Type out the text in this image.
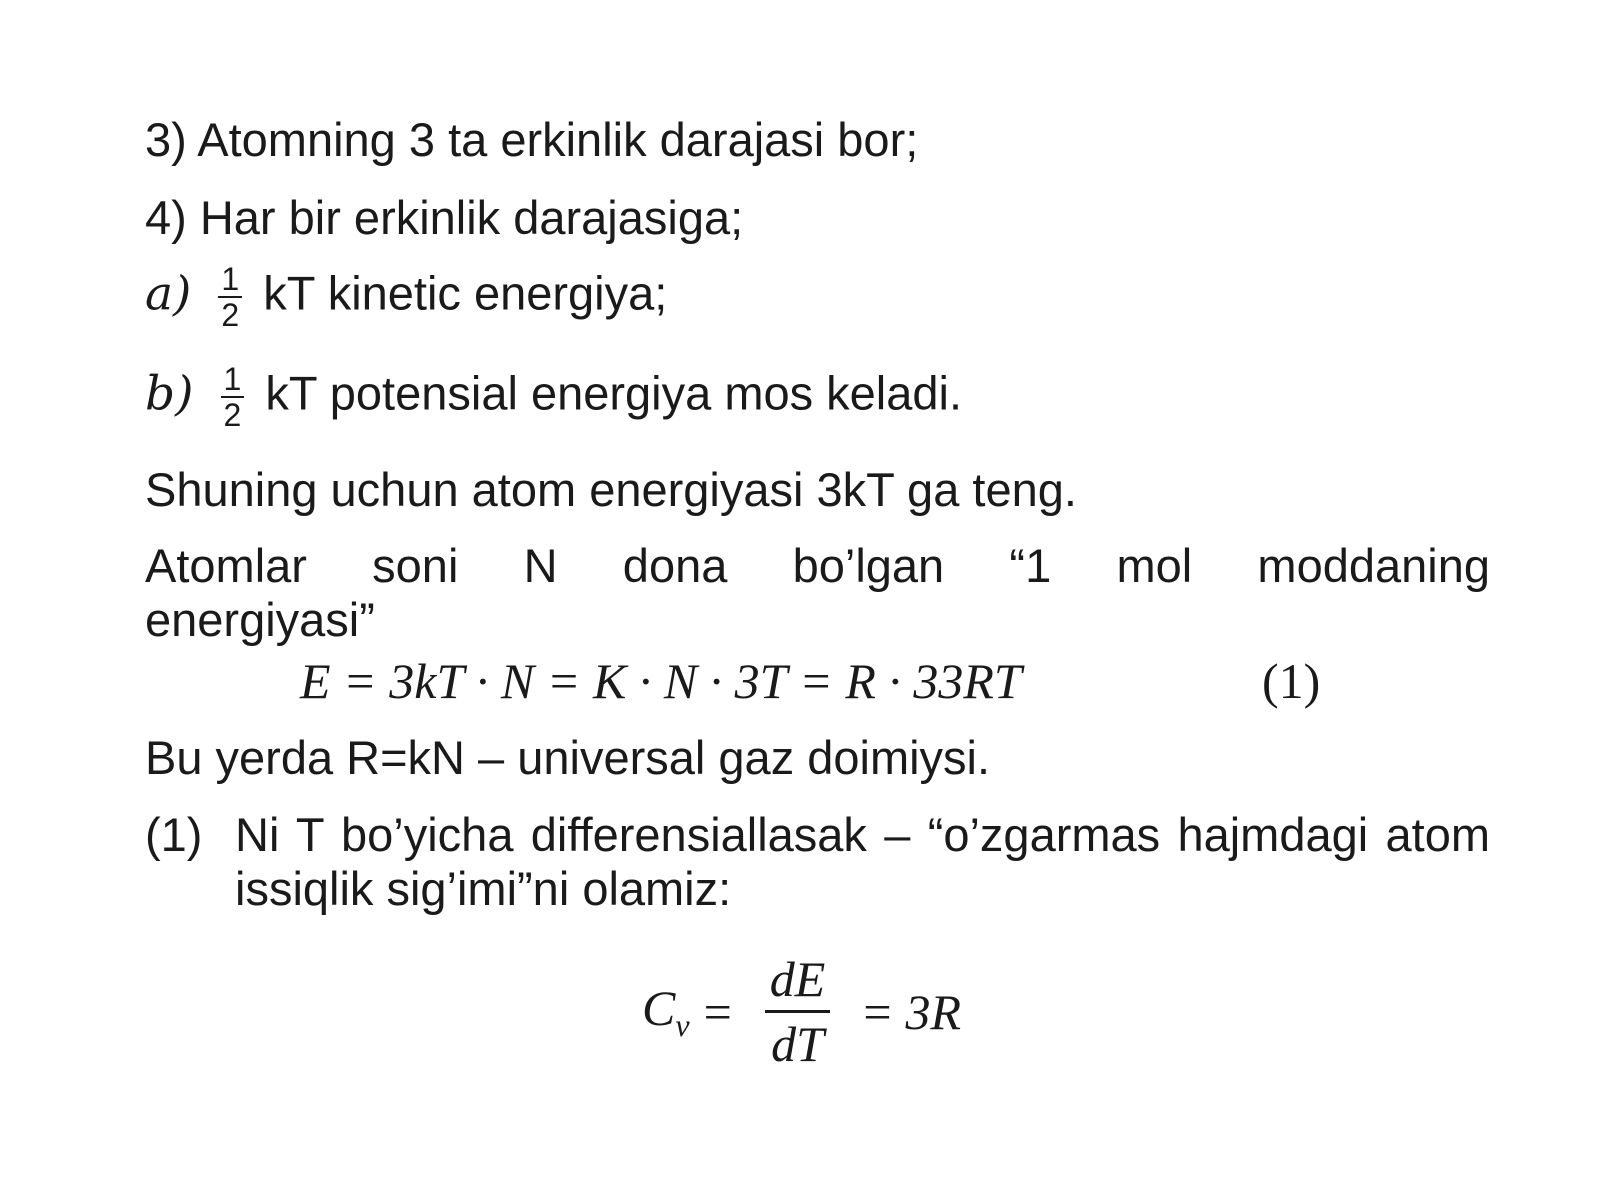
3) Atomning 3 ta erkinlik darajasi bor;
4) Har bir erkinlik darajasiga;
$a) \frac{1}{2}$ kT kinetic energiya;
$b) \frac{1}{2}$ kT potensial energiya mos keladi.
Shuning uchun atom energiyasi 3kT ga teng.
Atomlar soni N dona bo’lgan “1 mol moddaning
energiyasi”
E = 3kT · N = K · N · 3T = R · 33RT	(1)
Bu yerda R=kN – universal gaz doimiysi.
(1) Ni T bo’yicha differensiallasak – “o’zgarmas hajmdagi atom issiqlik sig’imi”ni olamiz:
$C_v = \frac{dE}{dT} = 3R$
